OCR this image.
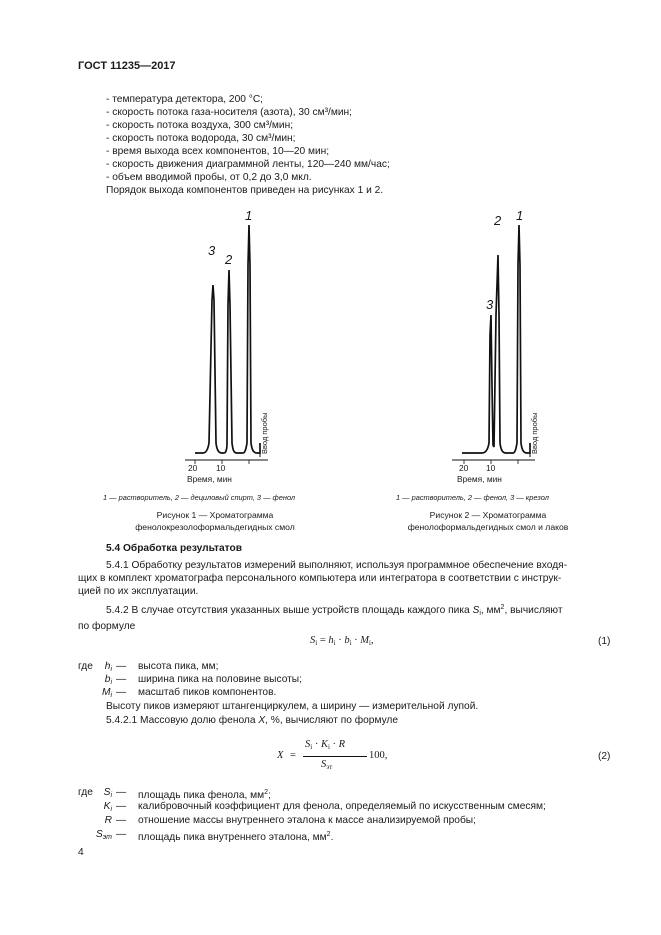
ГОСТ 11235—2017
- температура детектора, 200 °С;
- скорость потока газа-носителя (азота), 30 см³/мин;
- скорость потока воздуха, 300 см³/мин;
- скорость потока водорода, 30 см³/мин;
- время выхода всех компонентов, 10—20 мин;
- скорость движения диаграммной ленты, 120—240 мм/час;
- объем вводимой пробы, от 0,2 до 3,0 мкл.
Порядок выхода компонентов приведен на рисунках 1 и 2.
1
2
3
Ввод пробы
20 10
Время, мин
1
2
3
Ввод пробы
20 10
Время, мин
1 — растворитель, 2 — дециловый спирт, 3 — фенол	1 — растворитель, 2 — фенол, 3 — крезол
Рисунок 1 — Хроматограмма
фенолокрезолоформальдегидных смол
Рисунок 2 — Хроматограмма
фенолоформальдегидных смол и лаков
5.4 Обработка результатов
5.4.1 Обработку результатов измерений выполняют, используя программное обеспечение входя-
щих в комплект хроматографа персонального компьютера или интегратора в соответствии с инструк-
цией по их эксплуатации.
5.4.2 В случае отсутствия указанных выше устройств площадь каждого пика $S_i$, $мм^2$, вычисляют
по формуле
$S_i = h_i \cdot b_i \cdot M_i$,	(1)
где	$h_i$ — высота пика, мм;
$b_i$ — ширина пика на половине высоты;
$M_i$ — масштаб пиков компонентов.
Высоту пиков измеряют штангенциркулем, а ширину — измерительной лупой.
5.4.2.1 Массовую долю фенола X, %, вычисляют по формуле
X =
$S_i \cdot K_i \cdot R$
$S_{эт}$
100,	(2)
где	$S_i$ — площадь пика фенола, $мм^2$;
$K_i$ — калибровочный коэффициент для фенола, определяемый по искусственным смесям;
R — отношение массы внутреннего эталона к массе анализируемой пробы;
$S_{эт}$ — площадь пика внутреннего эталона, $мм^2$.
4
